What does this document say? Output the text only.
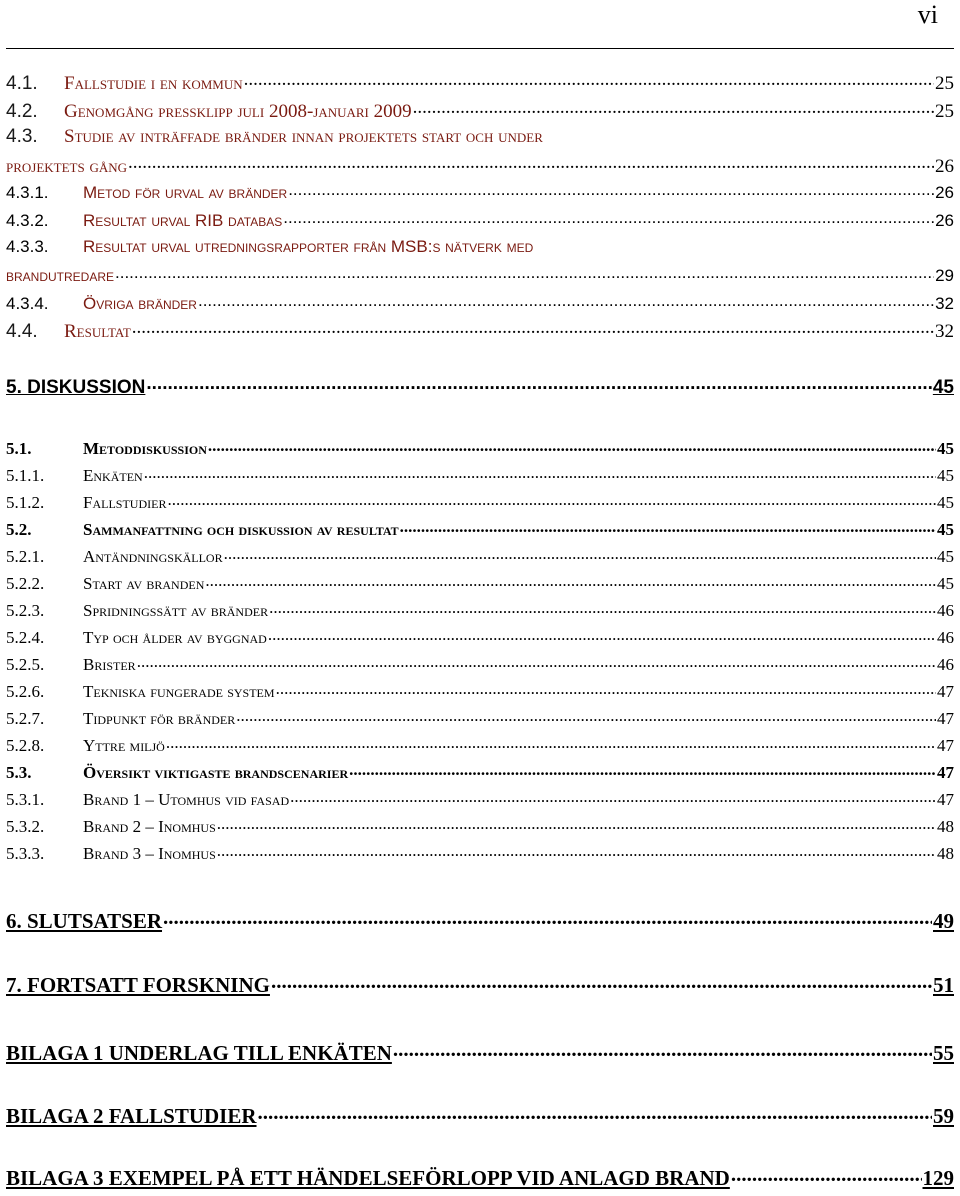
vi
4.1.	Fallstudie i en kommun .....	25
4.2.	Genomgång pressklipp juli 2008-januari 2009 .....	25
4.3.	Studie av inträffade bränder innan projektets start och under
projektets gång .....	26
4.3.1.	Metod för urval av bränder .....	26
4.3.2.	Resultat urval RIB databas .....	26
4.3.3.	Resultat urval utredningsrapporter från MSB:s nätverk med
brandutredare .....	29
4.3.4.	Övriga bränder .....	32
4.4.	Resultat .....	32
5. DISKUSSION .....	45
5.1.	Metoddiskussion .....	45
5.1.1.	Enkäten .....	45
5.1.2.	Fallstudier .....	45
5.2.	Sammanfattning och diskussion av resultat .....	45
5.2.1.	Antändningskällor .....	45
5.2.2.	Start av branden .....	45
5.2.3.	Spridningssätt av bränder .....	46
5.2.4.	Typ och ålder av byggnad .....	46
5.2.5.	Brister .....	46
5.2.6.	Tekniska fungerade system .....	47
5.2.7.	Tidpunkt för bränder .....	47
5.2.8.	Yttre miljö .....	47
5.3.	Översikt viktigaste brandscenarier .....	47
5.3.1.	Brand 1 – Utomhus vid fasad .....	47
5.3.2.	Brand 2 – Inomhus .....	48
5.3.3.	Brand 3 – Inomhus .....	48
6. SLUTSATSER .....	49
7. FORTSATT FORSKNING .....	51
BILAGA 1 UNDERLAG TILL ENKÄTEN .....	55
BILAGA 2 FALLSTUDIER .....	59
BILAGA 3 EXEMPEL PÅ ETT HÄNDELSEFÖRLOPP VID ANLAGD BRAND .....	129
